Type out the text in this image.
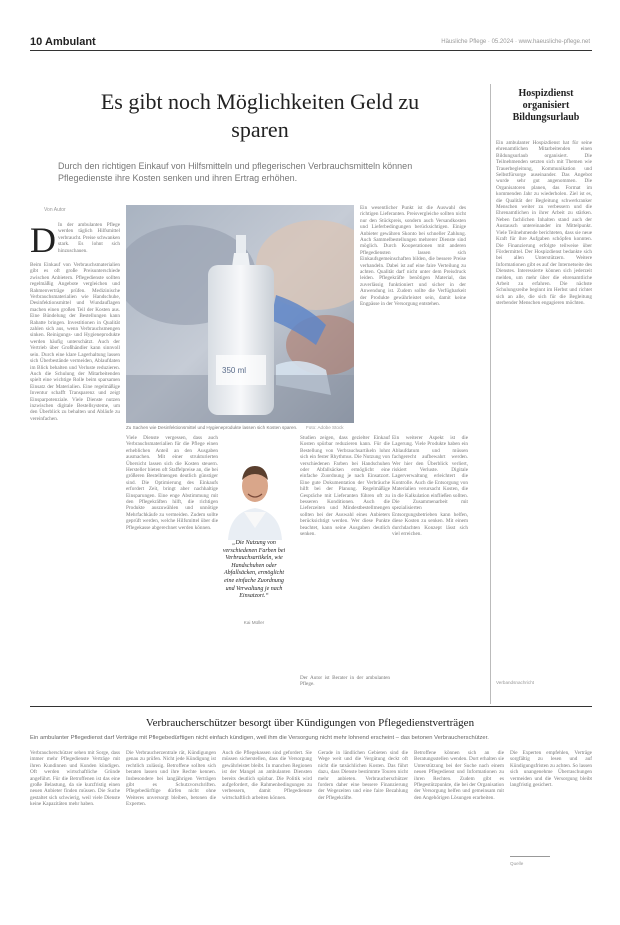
10 Ambulant	Häusliche Pflege · 05.2024 · www.haeusliche-pflege.net
Es gibt noch Möglichkeiten Geld zu sparen
Durch den richtigen Einkauf von Hilfsmitteln und pflegerischen Verbrauchsmitteln können Pflegedienste ihre Kosten senken und ihren Ertrag erhöhen.
Von Autor
Hospizdienst organisiert Bildungsurlaub
D In der ambulanten Pflege werden täglich Hilfsmittel verbraucht. Preise schwanken stark. Es lohnt sich hinzuschauen.
Beim Einkauf von Verbrauchsmaterialien gibt es oft große Preisunterschiede zwischen Anbietern. Pflegedienste sollten regelmäßig Angebote vergleichen und Rahmenverträge prüfen. Medizinische Verbrauchsmaterialien wie Handschuhe, Desinfektionsmittel und Wundauflagen machen einen großen Teil der Kosten aus. Eine Bündelung der Bestellungen kann Rabatte bringen. Investitionen in Qualität zahlen sich aus, wenn Verbrauchsmengen sinken. Reinigungs- und Hygieneprodukte werden häufig unterschätzt. Auch der Vertrieb über Großhändler kann sinnvoll sein. Durch eine klare Lagerhaltung lassen sich Überbestände vermeiden, Ablaufdaten im Blick behalten und Verluste reduzieren. Auch die Schulung der Mitarbeitenden spielt eine wichtige Rolle beim sparsamen Einsatz der Materialien. Eine regelmäßige Inventur schafft Transparenz und zeigt Einsparpotenziale. Viele Dienste nutzen inzwischen digitale Bestellsysteme, um den Überblick zu behalten und Abläufe zu vereinfachen.
350 ml
Zu Sachen wie Desinfektionsmittel und Hygieneprodukte lassen sich Kosten sparen.	Foto: Adobe Stock
Viele Dienste vergessen, dass auch Verbrauchsmaterialien für die Pflege einen erheblichen Anteil an den Ausgaben ausmachen. Mit einer strukturierten Übersicht lassen sich die Kosten steuern. Hersteller bieten oft Staffelpreise an, die bei größeren Bestellmengen deutlich günstiger sind. Die Optimierung des Einkaufs erfordert Zeit, bringt aber nachhaltige Einsparungen. Eine enge Abstimmung mit den Pflegekräften hilft, die richtigen Produkte auszuwählen und unnötige Mehrfachkäufe zu vermeiden. Zudem sollte geprüft werden, welche Hilfsmittel über die Pflegekasse abgerechnet werden können.
„Die Nutzung von verschiedenen Farben bei Verbrauchsartikeln, wie Handschuhen oder Abfallsäcken, ermöglicht eine einfache Zuordnung und Verwaltung je nach Einsatzort.“
Kai Müller
Studien zeigen, dass gezielter Einkauf Kosten spürbar reduzieren kann. Für die Bestellung von Verbrauchsartikeln lohnt sich ein fester Rhythmus. Die Nutzung von verschiedenen Farben bei Handschuhen oder Abfallsäcken ermöglicht eine einfache Zuordnung je nach Einsatzort. Eine gute Dokumentation der Verbräuche hilft bei der Planung. Regelmäßige Gespräche mit Lieferanten führen oft zu besseren Konditionen. Auch die Lieferzeiten und Mindestbestellmengen sollten bei der Auswahl eines Anbieters berücksichtigt werden. Wer diese Punkte beachtet, kann seine Ausgaben deutlich senken.
Der Autor ist Berater in der ambulanten Pflege.
Ein wesentlicher Punkt ist die Auswahl des richtigen Lieferanten. Preisvergleiche sollten nicht nur den Stückpreis, sondern auch Versandkosten und Lieferbedingungen berücksichtigen. Einige Anbieter gewähren Skonto bei schneller Zahlung. Auch Sammelbestellungen mehrerer Dienste sind möglich. Durch Kooperationen mit anderen Pflegediensten lassen sich Einkaufsgemeinschaften bilden, die bessere Preise verhandeln. Dabei ist auf eine faire Verteilung zu achten. Qualität darf nicht unter dem Preisdruck leiden. Pflegekräfte benötigen Material, das zuverlässig funktioniert und sicher in der Anwendung ist. Zudem sollte die Verfügbarkeit der Produkte gewährleistet sein, damit keine Engpässe in der Versorgung entstehen.
Ein weiterer Aspekt ist die Lagerung. Viele Produkte haben ein Ablaufdatum und müssen fachgerecht aufbewahrt werden. Wer hier den Überblick verliert, riskiert Verluste. Digitale Lagerverwaltung erleichtert die Kontrolle. Auch die Entsorgung von Materialien verursacht Kosten, die in die Kalkulation einfließen sollten. Die Zusammenarbeit mit spezialisierten Entsorgungsbetrieben kann helfen, diese Kosten zu senken. Mit einem durchdachten Konzept lässt sich viel erreichen.
Ein ambulanter Hospizdienst hat für seine ehrenamtlichen Mitarbeitenden einen Bildungsurlaub organisiert. Die Teilnehmenden setzten sich mit Themen wie Trauerbegleitung, Kommunikation und Selbstfürsorge auseinander. Das Angebot wurde sehr gut angenommen. Die Organisatoren planen, das Format im kommenden Jahr zu wiederholen. Ziel ist es, die Qualität der Begleitung schwerkranker Menschen weiter zu verbessern und die Ehrenamtlichen in ihrer Arbeit zu stärken. Neben fachlichen Inhalten stand auch der Austausch untereinander im Mittelpunkt. Viele Teilnehmende berichteten, dass sie neue Kraft für ihre Aufgaben schöpfen konnten. Die Finanzierung erfolgte teilweise über Fördermittel. Der Hospizdienst bedankte sich bei allen Unterstützern. Weitere Informationen gibt es auf der Internetseite des Dienstes. Interessierte können sich jederzeit melden, um mehr über die ehrenamtliche Arbeit zu erfahren. Die nächste Schulungsreihe beginnt im Herbst und richtet sich an alle, die sich für die Begleitung sterbender Menschen engagieren möchten.
Verbandsnachricht
Verbraucherschützer besorgt über Kündigungen von Pflegedienstverträgen
Ein ambulanter Pflegedienst darf Verträge mit Pflegebedürftigen nicht einfach kündigen, weil ihm die Versorgung nicht mehr lohnend erscheint – das betonen Verbraucherschützer.
Verbraucherschützer sehen mit Sorge, dass immer mehr Pflegedienste Verträge mit ihren Kundinnen und Kunden kündigen. Oft werden wirtschaftliche Gründe angeführt. Für die Betroffenen ist das eine große Belastung, da sie kurzfristig einen neuen Anbieter finden müssen. Die Suche gestaltet sich schwierig, weil viele Dienste keine Kapazitäten mehr haben.
Die Verbraucherzentrale rät, Kündigungen genau zu prüfen. Nicht jede Kündigung ist rechtlich zulässig. Betroffene sollten sich beraten lassen und ihre Rechte kennen. Insbesondere bei langjährigen Verträgen gibt es Schutzvorschriften. Pflegebedürftige dürfen nicht ohne Weiteres unversorgt bleiben, betonen die Experten.
Auch die Pflegekassen sind gefordert. Sie müssen sicherstellen, dass die Versorgung gewährleistet bleibt. In manchen Regionen ist der Mangel an ambulanten Diensten bereits deutlich spürbar. Die Politik wird aufgefordert, die Rahmenbedingungen zu verbessern, damit Pflegedienste wirtschaftlich arbeiten können.
Gerade in ländlichen Gebieten sind die Wege weit und die Vergütung deckt oft nicht die tatsächlichen Kosten. Das führt dazu, dass Dienste bestimmte Touren nicht mehr anbieten. Verbraucherschützer fordern daher eine bessere Finanzierung der Wegezeiten und eine faire Bezahlung der Pflegekräfte.
Betroffene können sich an die Beratungsstellen wenden. Dort erhalten sie Unterstützung bei der Suche nach einem neuen Pflegedienst und Informationen zu ihren Rechten. Zudem gibt es Pflegestützpunkte, die bei der Organisation der Versorgung helfen und gemeinsam mit den Angehörigen Lösungen erarbeiten.
Die Experten empfehlen, Verträge sorgfältig zu lesen und auf Kündigungsfristen zu achten. So lassen sich unangenehme Überraschungen vermeiden und die Versorgung bleibt langfristig gesichert.
Quelle
